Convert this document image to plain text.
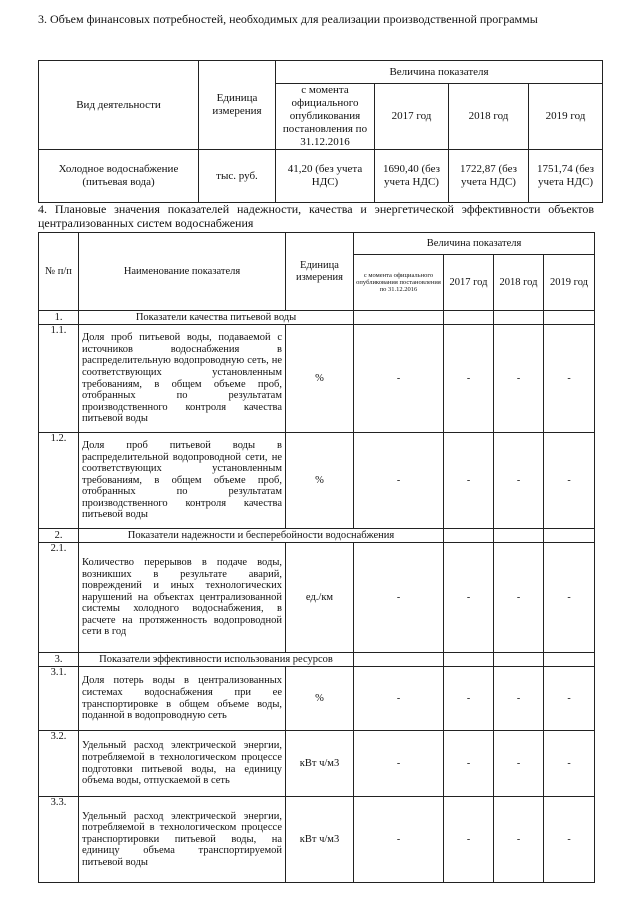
3. Объем финансовых потребностей, необходимых для реализации производственной программы
Вид деятельности	Единица измерения	Величина показателя			
		с момента официального опубликования постановления по 31.12.2016	2017 год	2018 год	2019 год
Холодное водоснабжение (питьевая вода)	тыс. руб.	41,20 (без учета НДС)	1690,40 (без учета НДС)	1722,87 (без учета НДС)	1751,74 (без учета НДС)
4. Плановые значения показателей надежности, качества и энергетической эффективности объектов централизованных систем водоснабжения
№ п/п	Наименование показателя	Единица измерения	Величина показателя			
			с момента официального опубликования постановления по 31.12.2016	2017 год	2018 год	2019 год
1.	Показатели качества питьевой воды					
1.1.	Доля проб питьевой воды, подаваемой с источников водоснабжения в распределительную водопроводную сеть, не соответствующих установленным требованиям, в общем объеме проб, отобранных по результатам производственного контроля качества питьевой воды	%	-	-	-	-
1.2.	Доля проб питьевой воды в распределительной водопроводной сети, не соответствующих установленным требованиям, в общем объеме проб, отобранных по результатам производственного контроля качества питьевой воды	%	-	-	-	-
2.	Показатели надежности и бесперебойности водоснабжения					
2.1.	Количество перерывов в подаче воды, возникших в результате аварий, повреждений и иных технологических нарушений на объектах централизованной системы холодного водоснабжения, в расчете на протяженность водопроводной сети в год	ед./км	-	-	-	-
3.	Показатели эффективности использования ресурсов					
3.1.	Доля потерь воды в централизованных системах водоснабжения при ее транспортировке в общем объеме воды, поданной в водопроводную сеть	%	-	-	-	-
3.2.	Удельный расход электрической энергии, потребляемой в технологическом процессе подготовки питьевой воды, на единицу объема воды, отпускаемой в сеть	кВт ч/м3	-	-	-	-
3.3.	Удельный расход электрической энергии, потребляемой в технологическом процессе транспортировки питьевой воды, на единицу объема транспортируемой питьевой воды	кВт ч/м3	-	-	-	-
